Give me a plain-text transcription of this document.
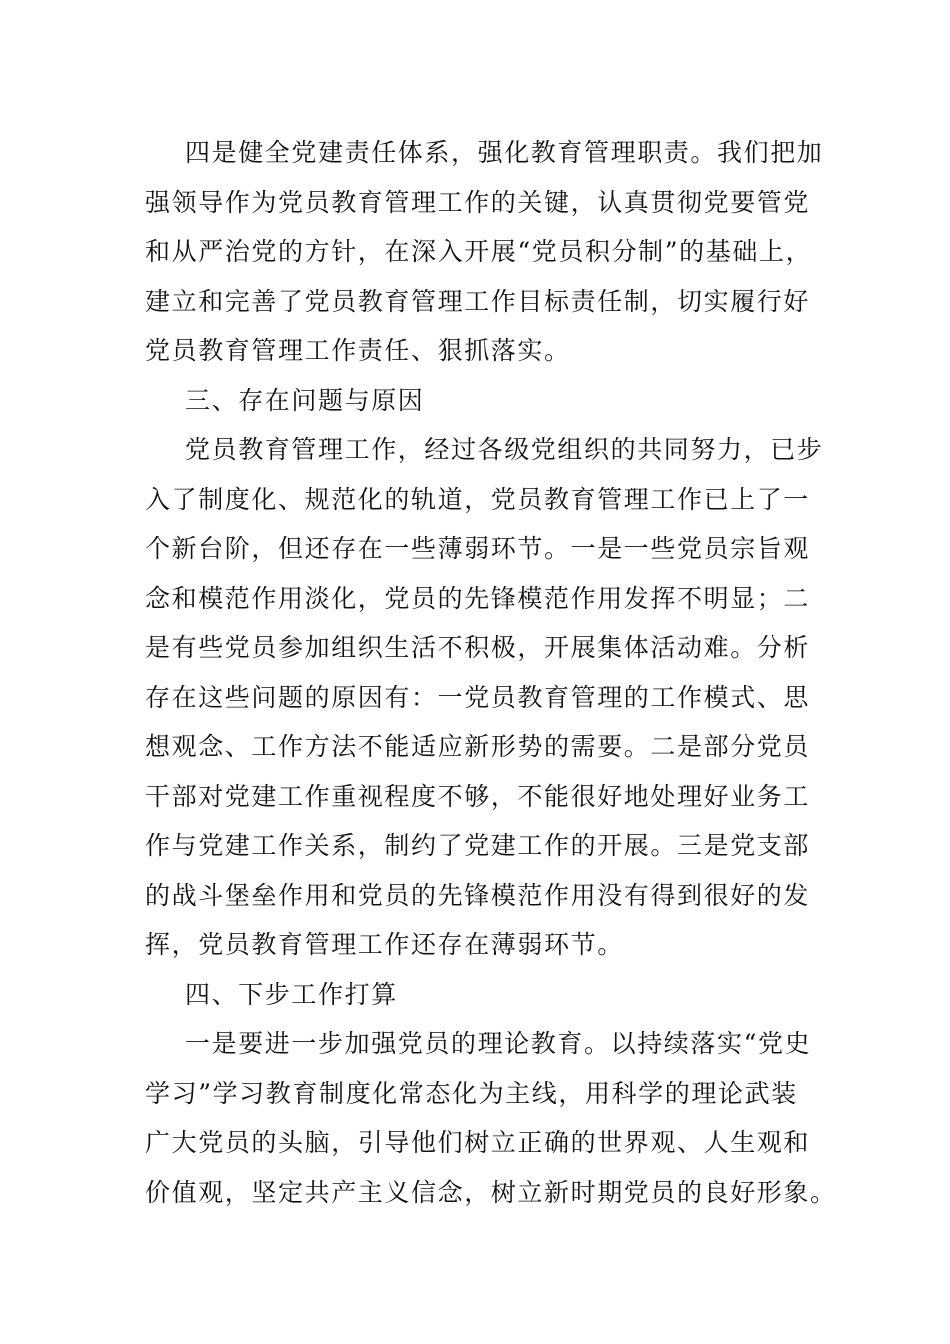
四是健全党建责任体系，强化教育管理职责。我们把加
强领导作为党员教育管理工作的关键，认真贯彻党要管党
和从严治党的方针，在深入开展“党员积分制”的基础上，
建立和完善了党员教育管理工作目标责任制，切实履行好
党员教育管理工作责任、狠抓落实。
三、存在问题与原因
党员教育管理工作，经过各级党组织的共同努力，已步
入了制度化、规范化的轨道，党员教育管理工作已上了一
个新台阶，但还存在一些薄弱环节。一是一些党员宗旨观
念和模范作用淡化，党员的先锋模范作用发挥不明显；二
是有些党员参加组织生活不积极，开展集体活动难。分析
存在这些问题的原因有：一党员教育管理的工作模式、思
想观念、工作方法不能适应新形势的需要。二是部分党员
干部对党建工作重视程度不够，不能很好地处理好业务工
作与党建工作关系，制约了党建工作的开展。三是党支部
的战斗堡垒作用和党员的先锋模范作用没有得到很好的发
挥，党员教育管理工作还存在薄弱环节。
四、下步工作打算
一是要进一步加强党员的理论教育。以持续落实“党史
学习”学习教育制度化常态化为主线，用科学的理论武装
广大党员的头脑，引导他们树立正确的世界观、人生观和
价值观，坚定共产主义信念，树立新时期党员的良好形象。
